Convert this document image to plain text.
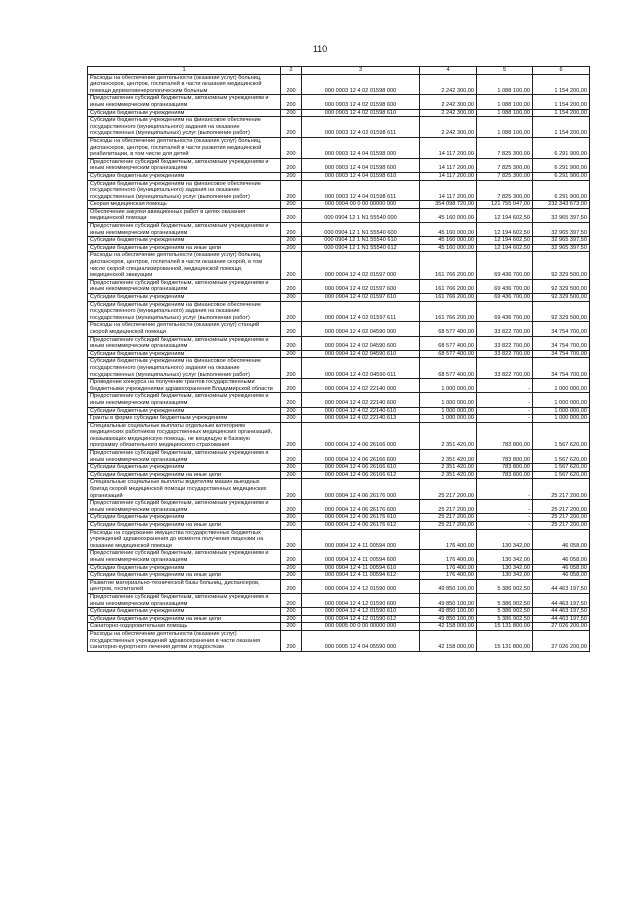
110
1	2	3	4	5	6
Расходы на обеспечение деятельности (оказание услуг) больниц, диспансеров, центров, госпиталей в части оказания медицинской помощи дерматовенерологическим больным	200	000 0903 12 4 02 01598 000	2 242 300,00	1 088 100,00	1 154 200,00
Предоставление субсидий бюджетным, автономным учреждениям и иным некоммерческим организациям	200	000 0903 12 4 02 01598 600	2 242 300,00	1 088 100,00	1 154 200,00
Субсидии бюджетным учреждениям	200	000 0903 12 4 02 01598 610	2 242 300,00	1 088 100,00	1 154 200,00
Субсидии бюджетным учреждениям на финансовое обеспечение государственного (муниципального) задания на оказание государственных (муниципальных) услуг (выполнение работ)	200	000 0903 12 4 02 01598 611	2 242 300,00	1 088 100,00	1 154 200,00
Расходы на обеспечение деятельности (оказание услуг) больниц, диспансеров, центров, госпиталей в части развития медицинской реабилитации, в том числе для детей	200	000 0903 12 4 04 01598 000	14 117 200,00	7 825 300,00	6 291 900,00
Предоставление субсидий бюджетным, автономным учреждениям и иным некоммерческим организациям	200	000 0903 12 4 04 01598 600	14 117 200,00	7 825 300,00	6 291 900,00
Субсидии бюджетным учреждениям	200	000 0903 12 4 04 01598 610	14 117 200,00	7 825 300,00	6 291 900,00
Субсидии бюджетным учреждениям на финансовое обеспечение государственного (муниципального) задания на оказание государственных (муниципальных) услуг (выполнение работ)	200	000 0903 12 4 04 01598 611	14 117 200,00	7 825 300,00	6 291 900,00
Скорая медицинская помощь	200	000 0904 00 0 00 00000 000	354 098 720,00	121 755 047,00	232 343 673,00
Обеспечение закупки авиационных работ в целях оказания медицинской помощи	200	000 0904 12 1 N1 55540 000	45 160 000,00	12 194 602,50	32 965 397,50
Предоставление субсидий бюджетным, автономным учреждениям и иным некоммерческим организациям	200	000 0904 12 1 N1 55540 600	45 160 000,00	12 194 602,50	32 965 397,50
Субсидии бюджетным учреждениям	200	000 0904 12 1 N1 55540 610	45 160 000,00	12 194 602,50	32 965 397,50
Субсидии бюджетным учреждениям на иные цели	200	000 0904 12 1 N1 55540 612	45 160 000,00	12 194 602,50	32 965 397,50
Расходы на обеспечение деятельности (оказание услуг) больниц, диспансеров, центров, госпиталей в части оказания скорой, в том числе скорой специализированной, медицинской помощи, медицинской эвакуации	200	000 0904 12 4 02 01597 000	161 766 200,00	69 436 700,00	92 329 500,00
Предоставление субсидий бюджетным, автономным учреждениям и иным некоммерческим организациям	200	000 0904 12 4 02 01597 600	161 766 200,00	69 436 700,00	92 329 500,00
Субсидии бюджетным учреждениям	200	000 0904 12 4 02 01597 610	161 766 200,00	69 436 700,00	92 329 500,00
Субсидии бюджетным учреждениям на финансовое обеспечение государственного (муниципального) задания на оказание государственных (муниципальных) услуг (выполнение работ)	200	000 0904 12 4 02 01597 611	161 766 200,00	69 436 700,00	92 329 500,00
Расходы на обеспечение деятельности (оказание услуг) станций скорой медицинской помощи	200	000 0904 12 4 02 04590 000	68 577 400,00	33 822 700,00	34 754 700,00
Предоставление субсидий бюджетным, автономным учреждениям и иным некоммерческим организациям	200	000 0904 12 4 02 04590 600	68 577 400,00	33 822 700,00	34 754 700,00
Субсидии бюджетным учреждениям	200	000 0904 12 4 02 04590 610	68 577 400,00	33 822 700,00	34 754 700,00
Субсидии бюджетным учреждениям на финансовое обеспечение государственного (муниципального) задания на оказание государственных (муниципальных) услуг (выполнение работ)	200	000 0904 12 4 02 04590 611	68 577 400,00	33 822 700,00	34 754 700,00
Проведение конкурса на получение грантов государственными бюджетными учреждениями здравоохранения Владимирской области	200	000 0904 12 4 02 22140 000	1 000 000,00	-	1 000 000,00
Предоставление субсидий бюджетным, автономным учреждениям и иным некоммерческим организациям	200	000 0904 12 4 02 22140 600	1 000 000,00	-	1 000 000,00
Субсидии бюджетным учреждениям	200	000 0904 12 4 02 22140 610	1 000 000,00	-	1 000 000,00
Гранты в форме субсидии бюджетным учреждениям	200	000 0904 12 4 02 22140 613	1 000 000,00	-	1 000 000,00
Специальные социальные выплаты отдельным категориям медицинских работников государственных медицинских организаций, оказывающих медицинскую помощь, не входящую в базовую программу обязательного медицинского страхования	200	000 0904 12 4 06 26166 000	2 351 420,00	783 800,00	1 567 620,00
Предоставление субсидий бюджетным, автономным учреждениям и иным некоммерческим организациям	200	000 0904 12 4 06 26166 600	2 351 420,00	783 800,00	1 567 620,00
Субсидии бюджетным учреждениям	200	000 0904 12 4 06 26166 610	2 351 420,00	783 800,00	1 567 620,00
Субсидии бюджетным учреждениям на иные цели	200	000 0904 12 4 06 26166 612	2 351 420,00	783 800,00	1 567 620,00
Специальные социальные выплаты водителям машин выездных бригад скорой медицинской помощи государственных медицинских организаций	200	000 0904 12 4 06 26176 000	25 217 200,00	-	25 217 200,00
Предоставление субсидий бюджетным, автономным учреждениям и иным некоммерческим организациям	200	000 0904 12 4 06 26176 600	25 217 200,00	-	25 217 200,00
Субсидии бюджетным учреждениям	200	000 0904 12 4 06 26176 610	25 217 200,00	-	25 217 200,00
Субсидии бюджетным учреждениям на иные цели	200	000 0904 12 4 06 26176 612	25 217 200,00	-	25 217 200,00
Расходы на содержание имущества государственных бюджетных учреждений здравоохранения до момента получения лицензии на оказание медицинской помощи	200	000 0904 12 4 11 00594 000	176 400,00	130 342,00	46 058,00
Предоставление субсидий бюджетным, автономным учреждениям и иным некоммерческим организациям	200	000 0904 12 4 11 00594 600	176 400,00	130 342,00	46 058,00
Субсидии бюджетным учреждениям	200	000 0904 12 4 11 00594 610	176 400,00	130 342,00	46 058,00
Субсидии бюджетным учреждениям на иные цели	200	000 0904 12 4 11 00594 612	176 400,00	130 342,00	46 058,00
Развитие материально-технической базы больниц, диспансеров, центров, госпиталей	200	000 0904 12 4 12 01590 000	49 850 100,00	5 386 902,50	44 463 197,50
Предоставление субсидий бюджетным, автономным учреждениям и иным некоммерческим организациям	200	000 0904 12 4 12 01590 600	49 850 100,00	5 386 902,50	44 463 197,50
Субсидии бюджетным учреждениям	200	000 0904 12 4 12 01590 610	49 850 100,00	5 386 902,50	44 463 197,50
Субсидии бюджетным учреждениям на иные цели	200	000 0904 12 4 12 01590 612	49 850 100,00	5 386 902,50	44 463 197,50
Санаторно-оздоровительная помощь	200	000 0905 00 0 00 00000 000	42 158 000,00	15 131 800,00	27 026 200,00
Расходы на обеспечение деятельности (оказание услуг) государственных учреждений здравоохранения в части оказания санаторно-курортного лечения детям и подросткам	200	000 0905 12 4 04 05590 000	42 158 000,00	15 131 800,00	27 026 200,00
